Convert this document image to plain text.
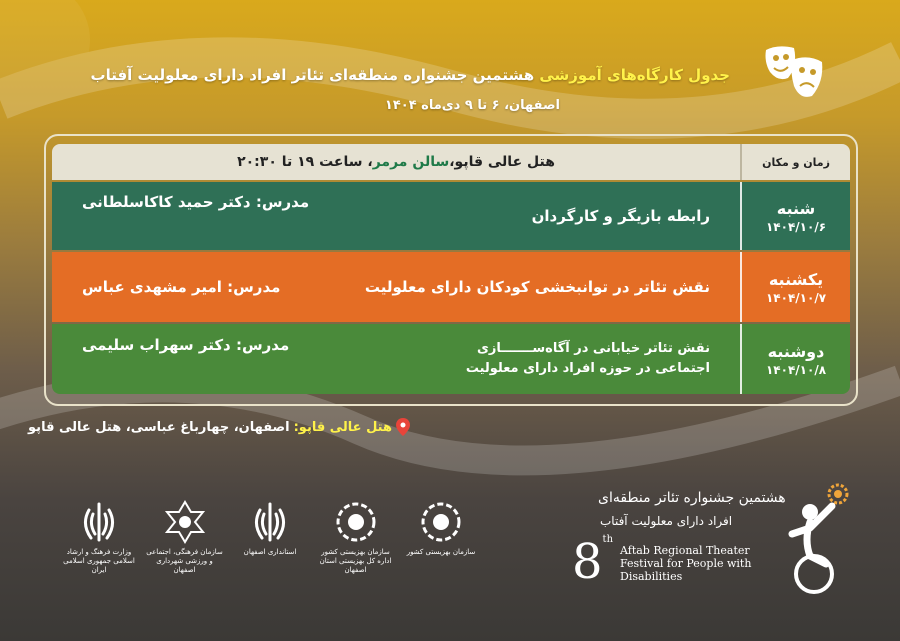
جدول کارگاه‌های آموزشی هشتمین جشنواره منطقه‌ای تئاتر افراد دارای معلولیت آفتاب
اصفهان، ۶ تا ۹ دی‌ماه ۱۴۰۴
زمان و مکان
هتل عالی قاپو،
سالن مرمر
، ساعت ۱۹ تا ۲۰:۳۰
شنبه
۱۴۰۴/۱۰/۶
رابطه بازیگر و کارگردان
مدرس: دکتر حمید کاکاسلطانی
یکشنبه
۱۴۰۴/۱۰/۷
نقش تئاتر در توانبخشی کودکان دارای معلولیت
مدرس: امیر مشهدی عباس
دوشنبه
۱۴۰۴/۱۰/۸
نقش تئاتر خیابانی در آگاه‌ســـــــازی
اجتماعی در حوزه افراد دارای معلولیت
مدرس: دکتر سهراب سلیمی
هتل عالی قاپو:
اصفهان، چهارباغ عباسی، هتل عالی قاپو
وزارت فرهنگ و ارشاد اسلامی جمهوری اسلامی ایران
سازمان فرهنگی، اجتماعی و ورزشی شهرداری اصفهان
استانداری اصفهان	سازمان بهزیستی کشور اداره کل بهزیستی استان اصفهان
سازمان بهزیستی کشور
هشتمین جشنواره تئاتر منطقه‌ای
افراد دارای معلولیت آفتاب
8th
Aftab Regional Theater
Festival for People with
Disabilities
